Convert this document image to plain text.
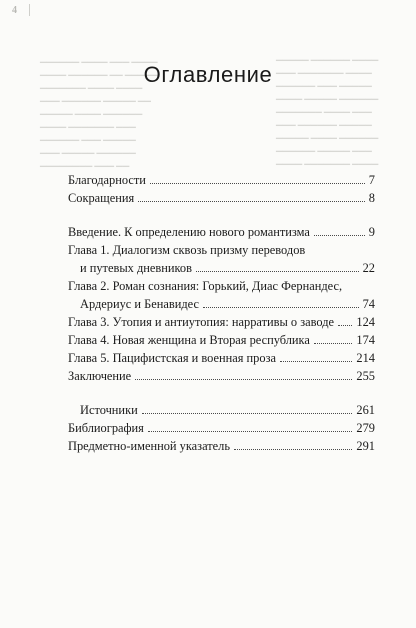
▁▁▁▁▁▁ ▁▁▁▁ ▁▁▁ ▁▁▁▁
▁▁▁▁ ▁▁▁▁▁▁ ▁▁ ▁▁▁▁▁
▁▁▁▁▁▁▁ ▁▁▁▁ ▁▁▁▁
▁▁▁ ▁▁▁▁▁▁ ▁▁▁▁▁ ▁▁
▁▁▁▁▁ ▁▁▁▁ ▁▁▁▁▁▁
▁▁▁▁ ▁▁▁▁▁▁▁ ▁▁▁
▁▁▁▁▁▁ ▁▁▁ ▁▁▁▁▁
▁▁▁ ▁▁▁▁▁ ▁▁▁▁▁▁
▁▁▁▁▁▁▁▁ ▁▁▁ ▁▁
▁▁▁▁▁ ▁▁▁▁▁▁ ▁▁▁▁
▁▁▁ ▁▁▁▁▁▁▁ ▁▁▁▁
▁▁▁▁▁▁ ▁▁▁ ▁▁▁▁▁
▁▁▁▁ ▁▁▁▁▁ ▁▁▁▁▁▁
▁▁▁▁▁▁▁ ▁▁▁▁ ▁▁▁
▁▁▁ ▁▁▁▁▁▁ ▁▁▁▁▁
▁▁▁▁▁ ▁▁▁▁ ▁▁▁▁▁▁
▁▁▁▁▁▁ ▁▁▁▁▁ ▁▁▁
▁▁▁▁ ▁▁▁▁▁▁▁ ▁▁▁▁
4
Оглавление
Благодарности	7
Сокращения	8
Введение. К определению нового романтизма	9
Глава 1. Диалогизм сквозь призму переводов
и путевых дневников	22
Глава 2. Роман сознания: Горький, Диас Фернандес,
Ардериус и Бенавидес	74
Глава 3. Утопия и антиутопия: нарративы о заводе 124
Глава 4. Новая женщина и Вторая республика	174
Глава 5. Пацифистская и военная проза	214
Заключение	255
Источники	261
Библиография	279
Предметно-именной указатель	291
